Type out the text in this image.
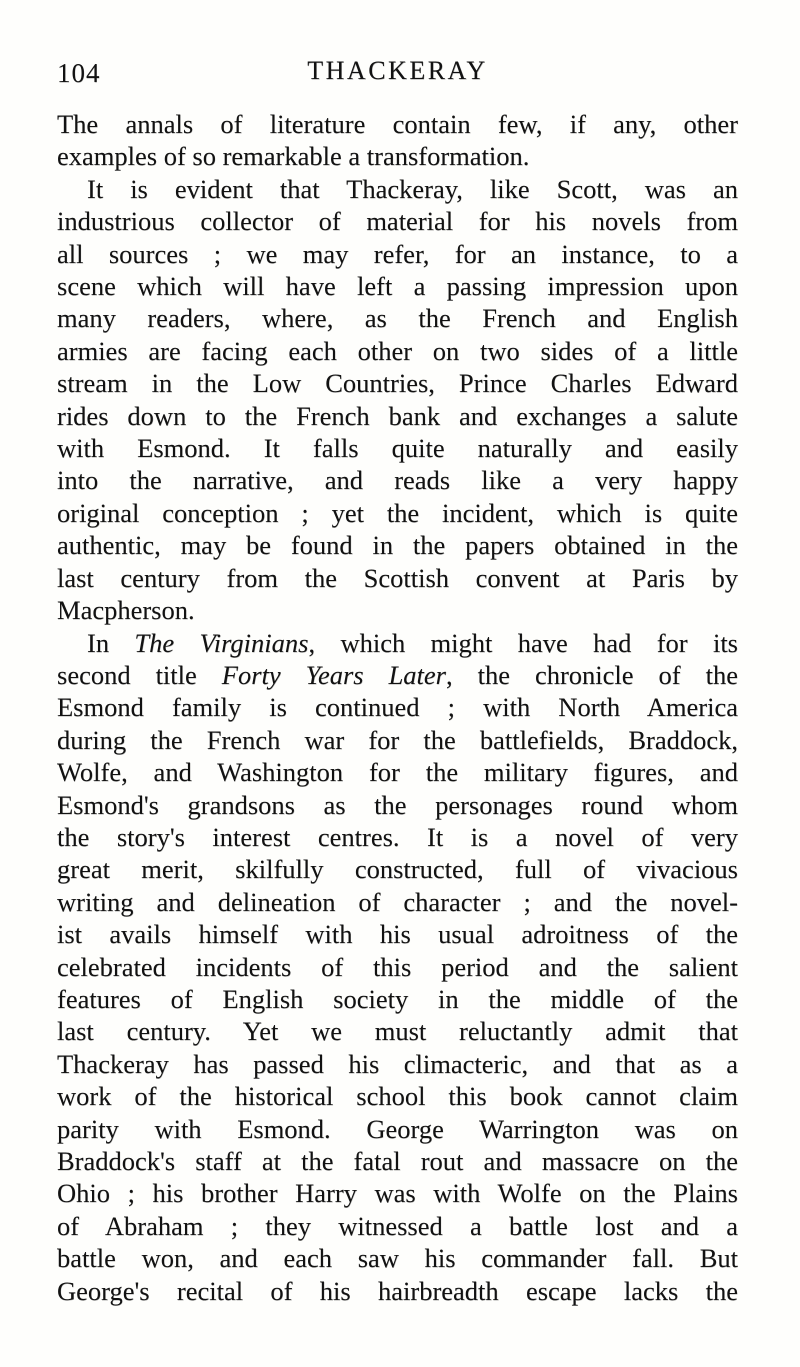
104	THACKERAY
The annals of literature contain few, if any, other
examples of so remarkable a transformation.
It is evident that Thackeray, like Scott, was an
industrious collector of material for his novels from
all sources ; we may refer, for an instance, to a
scene which will have left a passing impression upon
many readers, where, as the French and English
armies are facing each other on two sides of a little
stream in the Low Countries, Prince Charles Edward
rides down to the French bank and exchanges a salute
with Esmond. It falls quite naturally and easily
into the narrative, and reads like a very happy
original conception ; yet the incident, which is quite
authentic, may be found in the papers obtained in the
last century from the Scottish convent at Paris by
Macpherson.
In The Virginians, which might have had for its
second title Forty Years Later, the chronicle of the
Esmond family is continued ; with North America
during the French war for the battlefields, Braddock,
Wolfe, and Washington for the military figures, and
Esmond's grandsons as the personages round whom
the story's interest centres. It is a novel of very
great merit, skilfully constructed, full of vivacious
writing and delineation of character ; and the novel-
ist avails himself with his usual adroitness of the
celebrated incidents of this period and the salient
features of English society in the middle of the
last century. Yet we must reluctantly admit that
Thackeray has passed his climacteric, and that as a
work of the historical school this book cannot claim
parity with Esmond. George Warrington was on
Braddock's staff at the fatal rout and massacre on the
Ohio ; his brother Harry was with Wolfe on the Plains
of Abraham ; they witnessed a battle lost and a
battle won, and each saw his commander fall. But
George's recital of his hairbreadth escape lacks the
